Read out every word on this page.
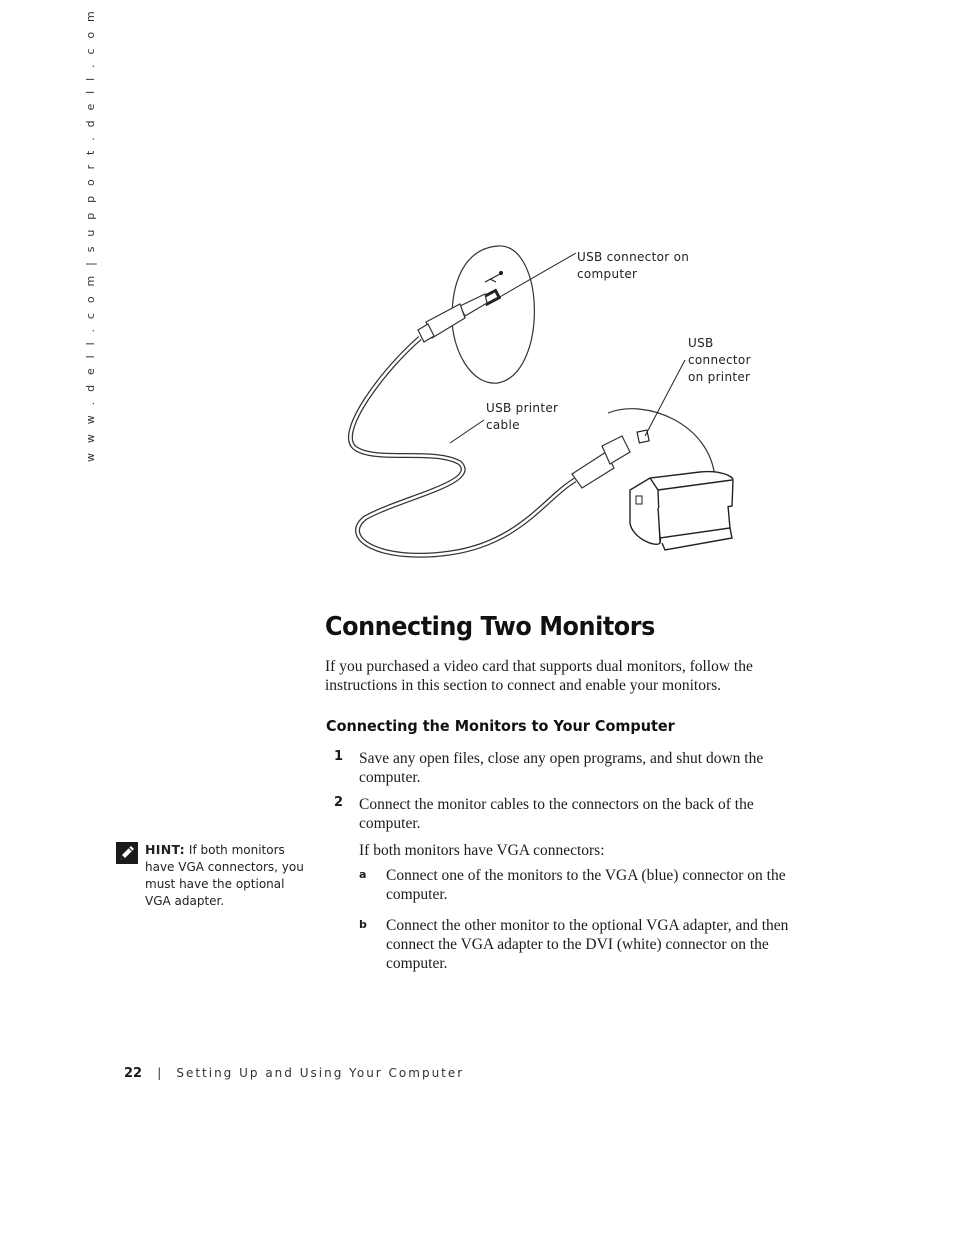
w w w . d e l l . c o m | s u p p o r t . d e l l . c o m	USB connector on
computer
USB connector
on printer
USB printer
cable
Connecting Two Monitors

If you purchased a video card that supports dual monitors, follow the instructions in this section to connect and enable your monitors.

Connecting the Monitors to Your Computer
1 Save any open files, close any open programs, and shut down the computer.
2 Connect the monitor cables to the connectors on the back of the computer.
If both monitors have VGA connectors:
a Connect one of the monitors to the VGA (blue) connector on the computer.
b Connect the other monitor to the optional VGA adapter, and then connect the VGA adapter to the DVI (white) connector on the computer.
HINT: If both monitors have VGA connectors, you must have the optional VGA adapter.
22 | Setting Up and Using Your Computer
